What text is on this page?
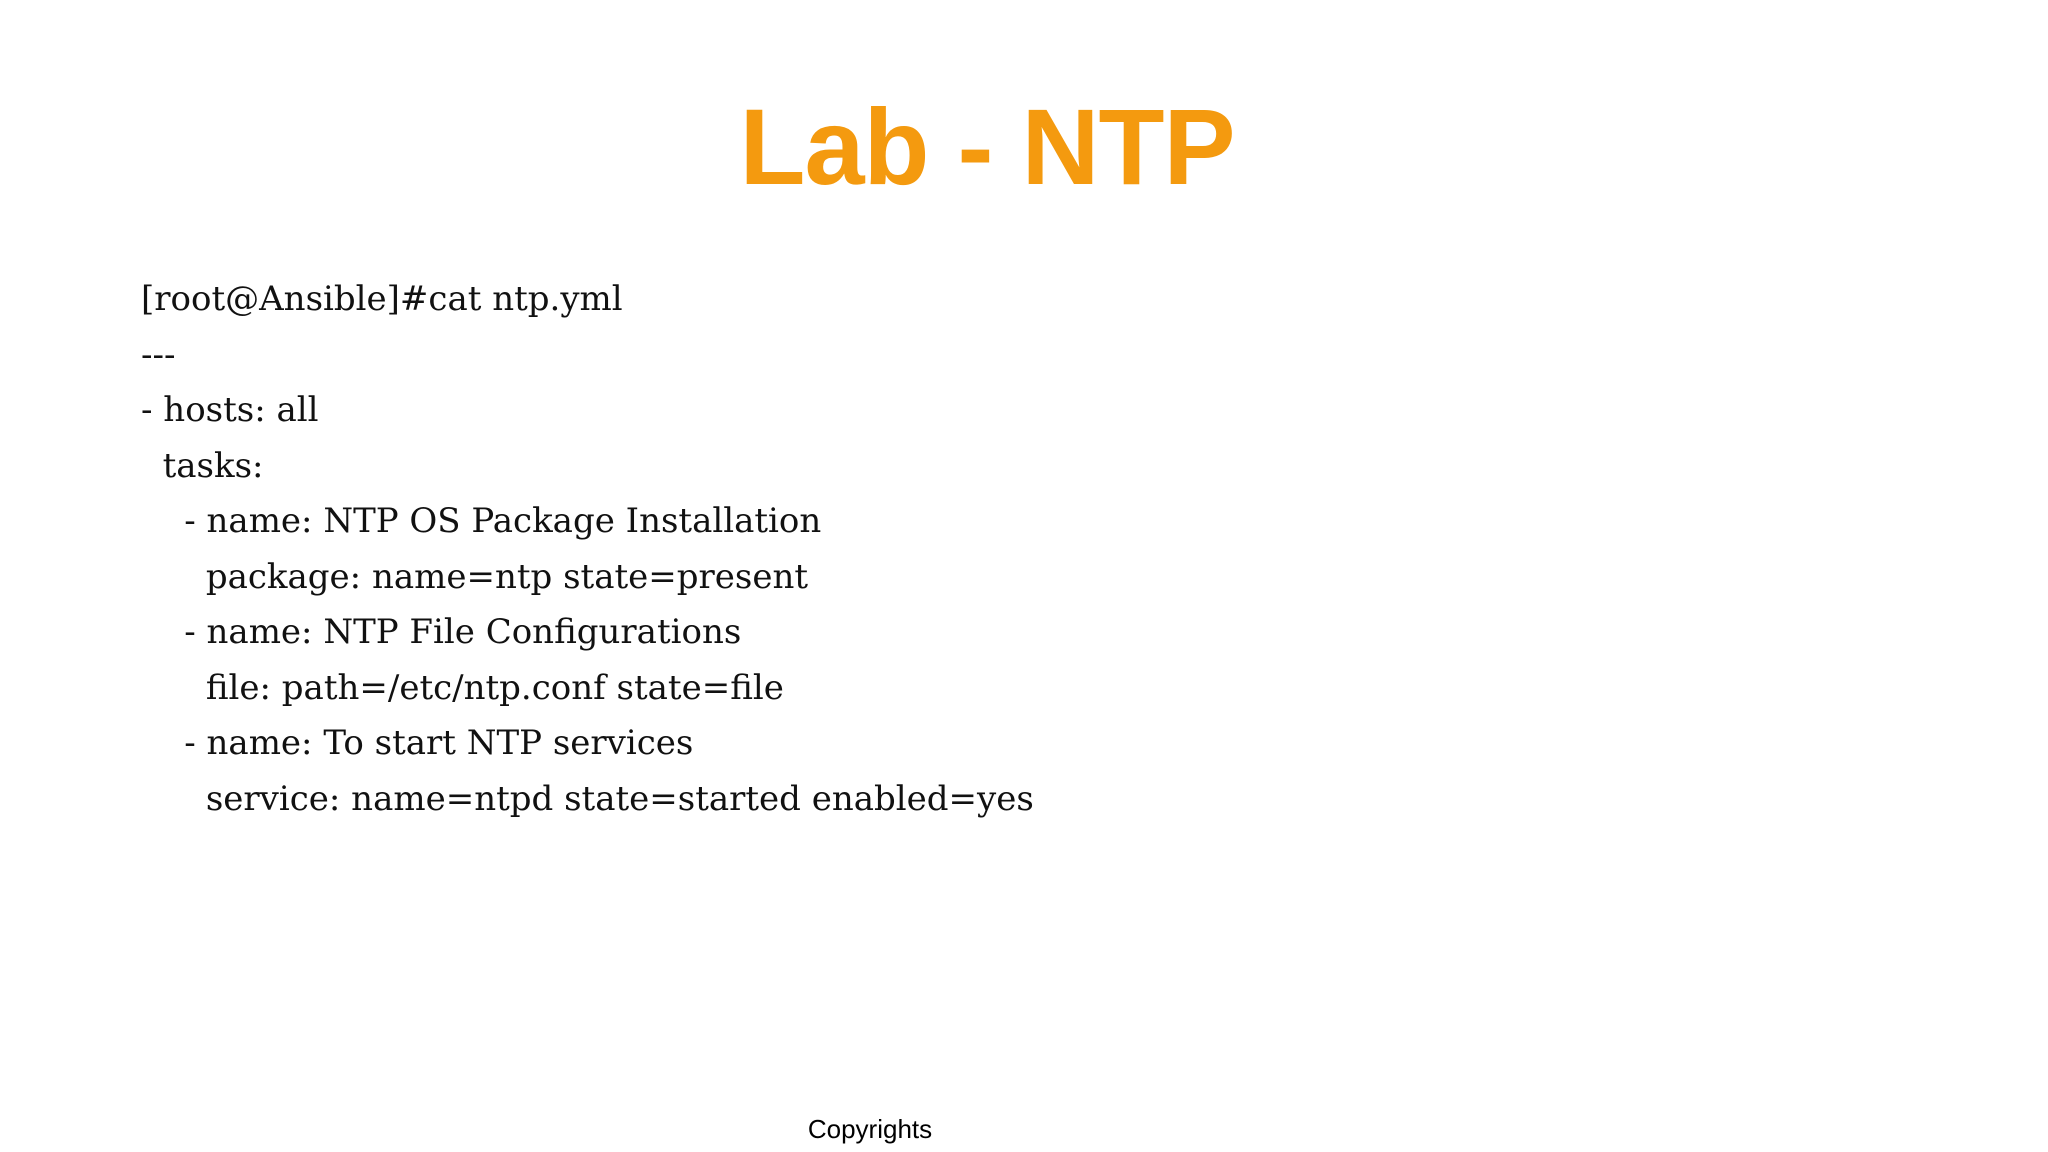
Lab - NTP
[root@Ansible]#cat ntp.yml
---
- hosts: all
tasks:
- name: NTP OS Package Installation
package: name=ntp state=present
- name: NTP File Configurations
file: path=/etc/ntp.conf state=file
- name: To start NTP services
service: name=ntpd state=started enabled=yes
Copyrights
